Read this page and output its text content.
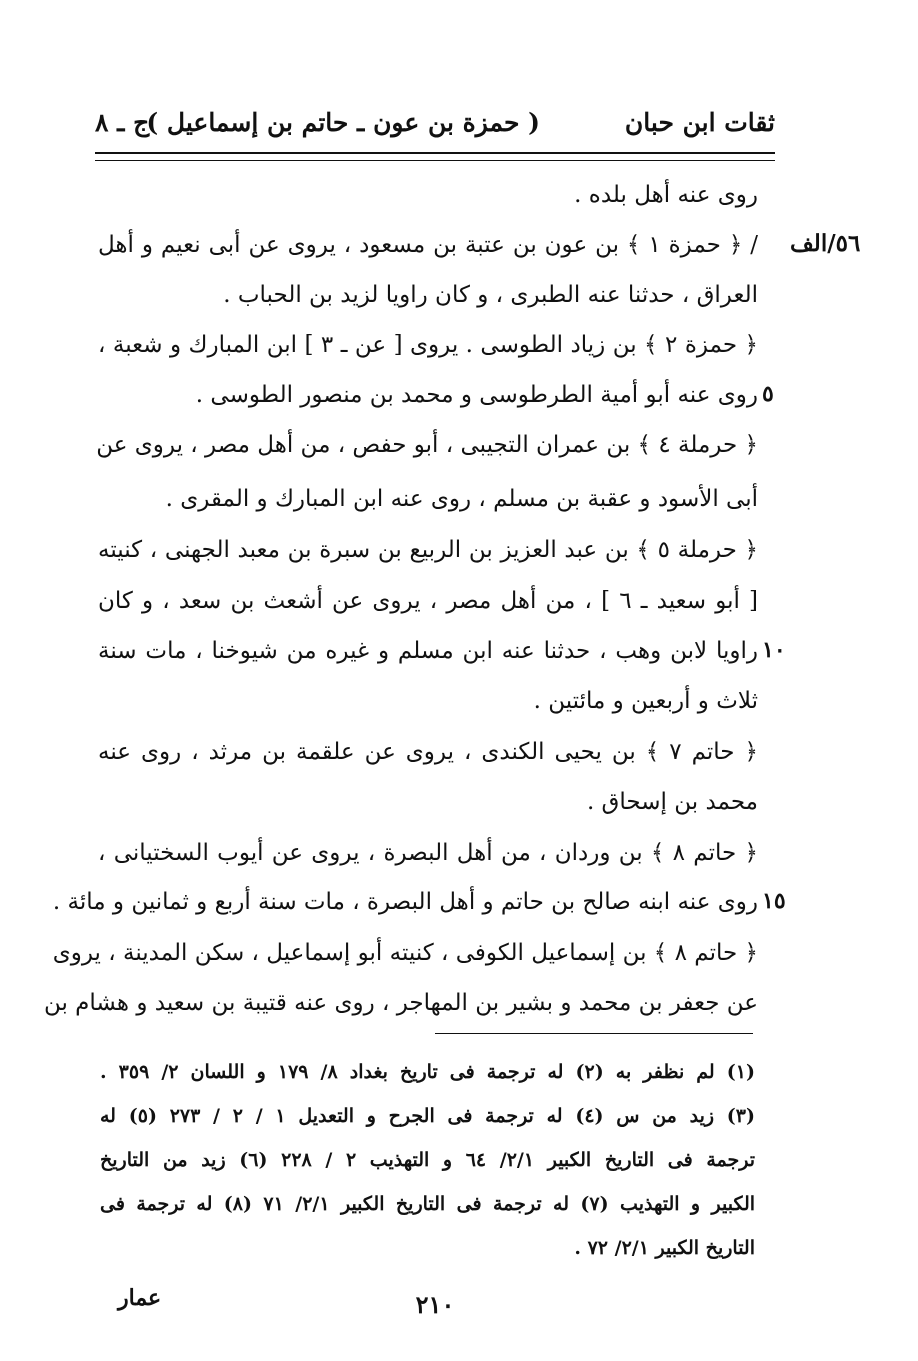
ثقات ابن حبان
( حمزة بن عون ـ حاتم بن إسماعيل )
ج ـ ٨
روى عنه أهل بلده .
٥٦/الف
/ ﴿ حمزة ١ ﴾ بن عون بن عتبة بن مسعود ، يروى عن أبى نعيم و أهل
العراق ، حدثنا عنه الطبرى ، و كان راويا لزيد بن الحباب .
﴿ حمزة ٢ ﴾ بن زياد الطوسى . يروى [ عن ـ ٣ ] ابن المبارك و شعبة ،
٥
روى عنه أبو أمية الطرطوسى و محمد بن منصور الطوسى .
﴿ حرملة ٤ ﴾ بن عمران التجيبى ، أبو حفص ، من أهل مصر ، يروى عن
أبى الأسود و عقبة بن مسلم ، روى عنه ابن المبارك و المقرى .
﴿ حرملة ٥ ﴾ بن عبد العزيز بن الربيع بن سبرة بن معبد الجهنى ، كنيته
[ أبو سعيد ـ ٦ ] ، من أهل مصر ، يروى عن أشعث بن سعد ، و كان
١٠
راويا لابن وهب ، حدثنا عنه ابن مسلم و غيره من شيوخنا ، مات سنة
ثلاث و أربعين و مائتين .
﴿ حاتم ٧ ﴾ بن يحيى الكندى ، يروى عن علقمة بن مرثد ، روى عنه
محمد بن إسحاق .
﴿ حاتم ٨ ﴾ بن وردان ، من أهل البصرة ، يروى عن أيوب السختيانى ،
١٥
روى عنه ابنه صالح بن حاتم و أهل البصرة ، مات سنة أربع و ثمانين و مائة .
﴿ حاتم ٨ ﴾ بن إسماعيل الكوفى ، كنيته أبو إسماعيل ، سكن المدينة ، يروى
عن جعفر بن محمد و بشير بن المهاجر ، روى عنه قتيبة بن سعيد و هشام بن
(١) لم نظفر به (٢) له ترجمة فى تاريخ بغداد ٨/ ١٧٩ و اللسان ٢/ ٣٥٩ .
(٣) زيد من س (٤) له ترجمة فى الجرح و التعديل ١ / ٢ / ٢٧٣ (٥) له
ترجمة فى التاريخ الكبير ٢/١/ ٦٤ و التهذيب ٢ / ٢٢٨ (٦) زيد من التاريخ
الكبير و التهذيب (٧) له ترجمة فى التاريخ الكبير ٢/١/ ٧١ (٨) له ترجمة فى
التاريخ الكبير ٢/١/ ٧٢ .
٢١٠
عمار
